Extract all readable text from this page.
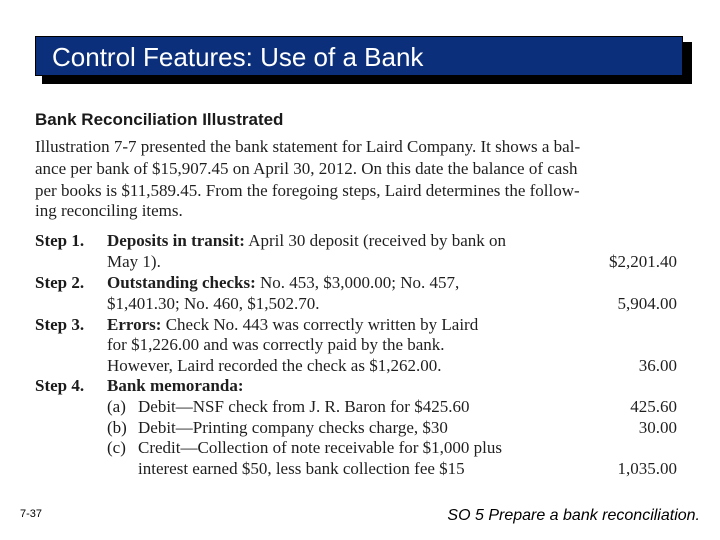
Control Features: Use of a Bank
Bank Reconciliation Illustrated
Illustration 7-7 presented the bank statement for Laird Company. It shows a bal-
ance per bank of $15,907.45 on April 30, 2012. On this date the balance of cash
per books is $11,589.45. From the foregoing steps, Laird determines the follow-
ing reconciling items.
Step 1. Deposits in transit: April 30 deposit (received by bank on
May 1).	$2,201.40
Step 2. Outstanding checks: No. 453, $3,000.00; No. 457,
$1,401.30; No. 460, $1,502.70.	5,904.00
Step 3. Errors: Check No. 443 was correctly written by Laird
for $1,226.00 and was correctly paid by the bank.
However, Laird recorded the check as $1,262.00.	36.00
Step 4. Bank memoranda:
(a) Debit—NSF check from J. R. Baron for $425.60	425.60
(b) Debit—Printing company checks charge, $30	30.00
(c) Credit—Collection of note receivable for $1,000 plus
interest earned $50, less bank collection fee $15	1,035.00
7-37	SO 5 Prepare a bank reconciliation.
